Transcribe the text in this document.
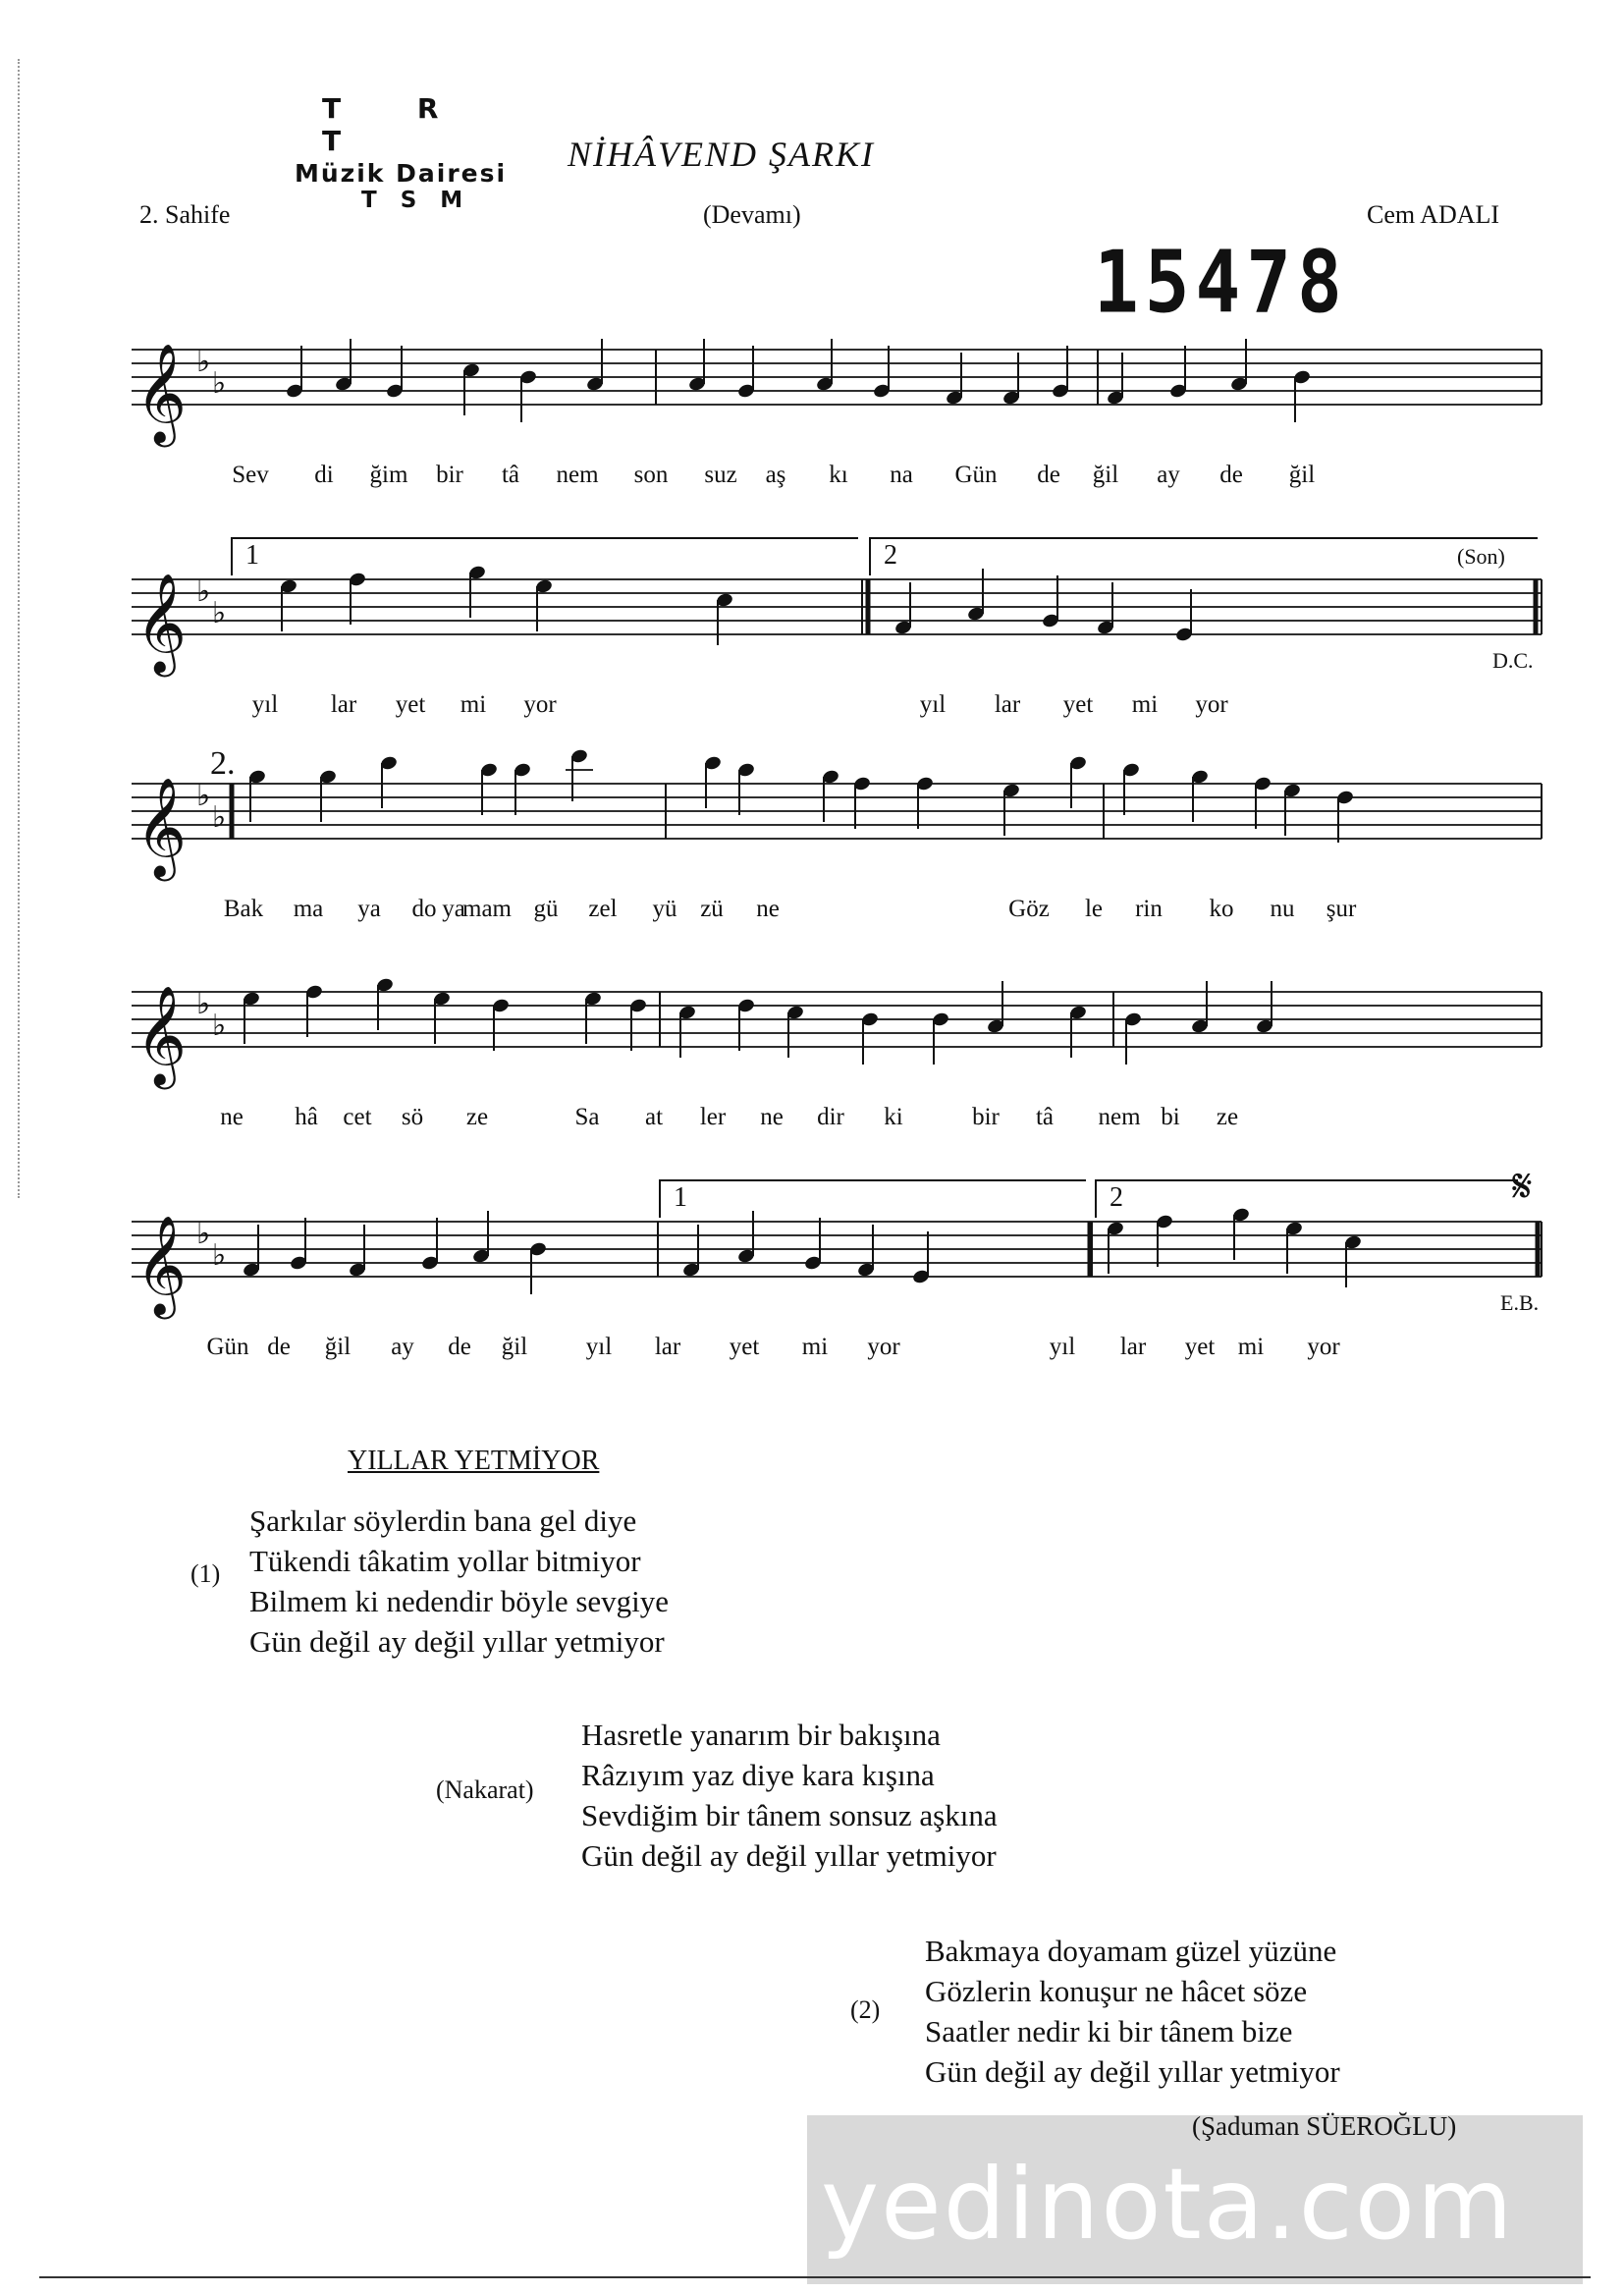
T R T
Müzik Dairesi
T S M
NİHÂVEND ŞARKI
2. Sahife	(Devamı)	Cem ADALI
15478
𝄞 ♭
♭
𝄞 ♭
♭
𝄞 ♭
♭
𝄞 ♭
♭
𝄞 ♭
♭
1	2	(Son)
D.C.
2.
1	2	𝄋
E.B.
Sev di ğim bir tâ nem son suz aş kı na Gün de ğil ay de ğil
yıl lar yet mi yor	yıl lar yet mi yor
Bak ma ya do ya
mam gü zel yü zü ne	Göz le rin ko nu şur
ne hâ cet sö ze	Sa at ler ne dir ki	bir tâ nem bi ze
Gün de ğil ay de ğil yıl lar yet mi yor	yıl lar yet mi yor
YILLAR YETMİYOR
(1)
Şarkılar söylerdin bana gel diye
Tükendi tâkatim yollar bitmiyor
Bilmem ki nedendir böyle sevgiye
Gün değil ay değil yıllar yetmiyor
(Nakarat)
Hasretle yanarım bir bakışına
Râzıyım yaz diye kara kışına
Sevdiğim bir tânem sonsuz aşkına
Gün değil ay değil yıllar yetmiyor
(2)
Bakmaya doyamam güzel yüzüne
Gözlerin konuşur ne hâcet söze
Saatler nedir ki bir tânem bize
Gün değil ay değil yıllar yetmiyor
(Şaduman SÜEROĞLU)
yedinota.com
